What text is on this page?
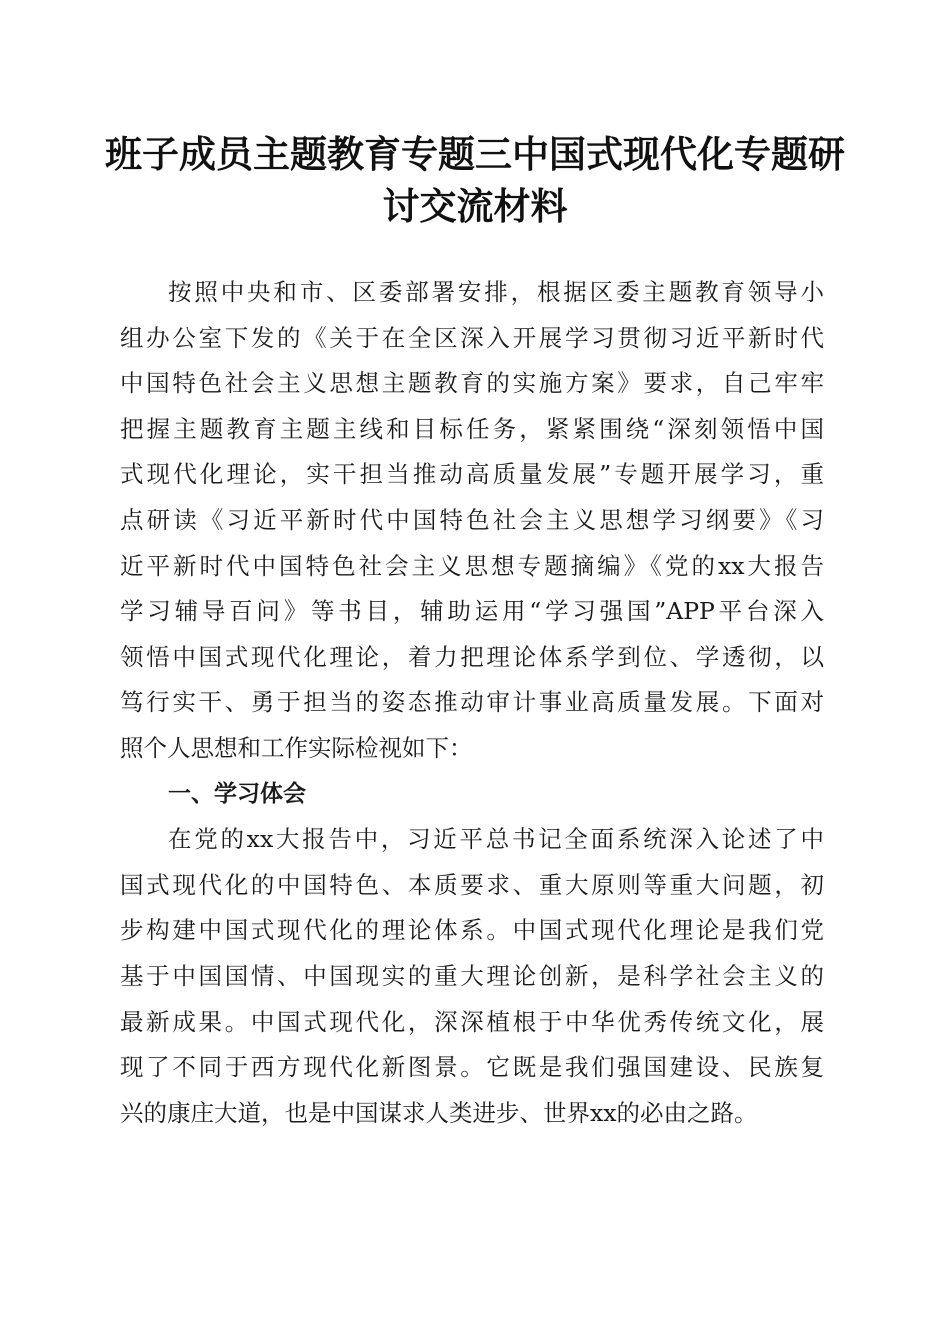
班子成员主题教育专题三中国式现代化专题研
讨交流材料
按照中央和市、区委部署安排，根据区委主题教育领导小
组办公室下发的《关于在全区深入开展学习贯彻习近平新时代
中国特色社会主义思想主题教育的实施方案》要求，自己牢牢
把握主题教育主题主线和目标任务，紧紧围绕“深刻领悟中国
式现代化理论，实干担当推动高质量发展”专题开展学习，重
点研读《习近平新时代中国特色社会主义思想学习纲要》《习
近平新时代中国特色社会主义思想专题摘编》《党的xx大报告
学习辅导百问》等书目，辅助运用“学习强国”APP平台深入
领悟中国式现代化理论，着力把理论体系学到位、学透彻，以
笃行实干、勇于担当的姿态推动审计事业高质量发展。下面对
照个人思想和工作实际检视如下：
一、学习体会
在党的xx大报告中，习近平总书记全面系统深入论述了中
国式现代化的中国特色、本质要求、重大原则等重大问题，初
步构建中国式现代化的理论体系。中国式现代化理论是我们党
基于中国国情、中国现实的重大理论创新，是科学社会主义的
最新成果。中国式现代化，深深植根于中华优秀传统文化，展
现了不同于西方现代化新图景。它既是我们强国建设、民族复
兴的康庄大道，也是中国谋求人类进步、世界xx的必由之路。
